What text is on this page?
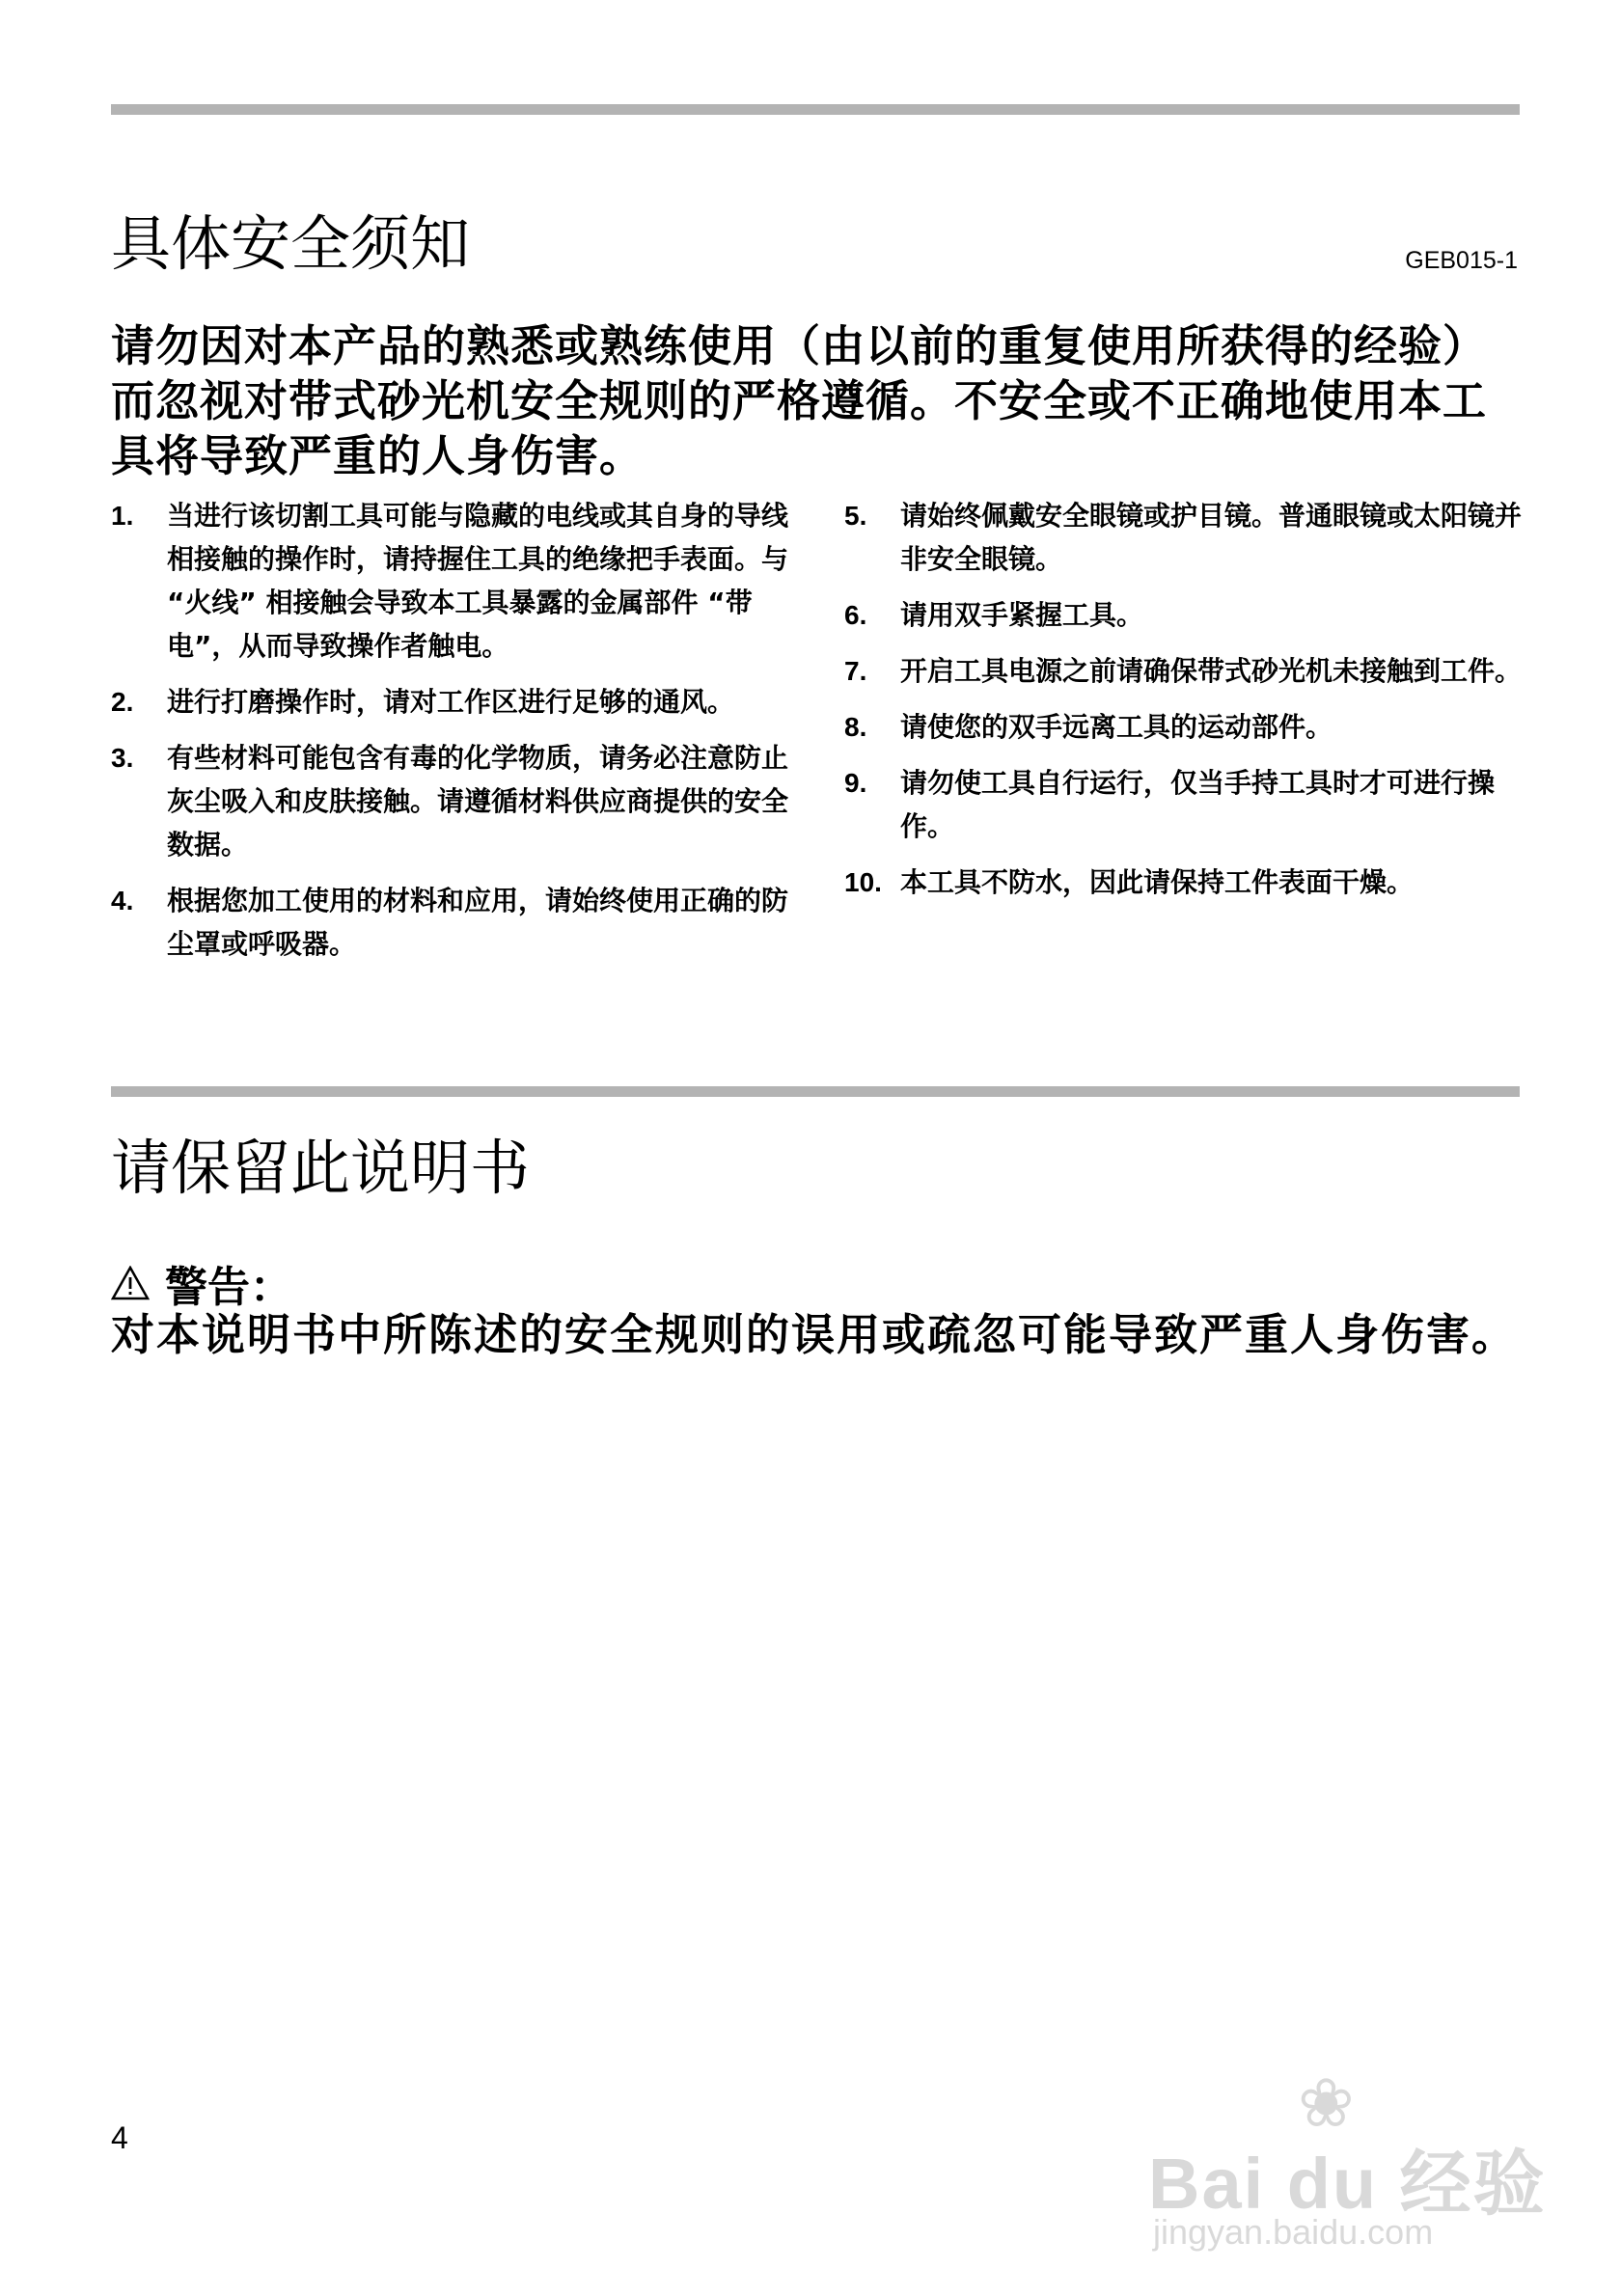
具体安全须知	GEB015-1
请勿因对本产品的熟悉或熟练使用（由以前的重复使用所获得的经验）而忽视对带式砂光机安全规则的严格遵循。不安全或不正确地使用本工具将导致严重的人身伤害。
1.	当进行该切割工具可能与隐藏的电线或其自身的导线相接触的操作时，请持握住工具的绝缘把手表面。与 “火线” 相接触会导致本工具暴露的金属部件 “带电”，从而导致操作者触电。
2.	进行打磨操作时，请对工作区进行足够的通风。
3.	有些材料可能包含有毒的化学物质，请务必注意防止灰尘吸入和皮肤接触。请遵循材料供应商提供的安全数据。
4.	根据您加工使用的材料和应用，请始终使用正确的防尘罩或呼吸器。
5.	请始终佩戴安全眼镜或护目镜。普通眼镜或太阳镜并非安全眼镜。
6.	请用双手紧握工具。
7.	开启工具电源之前请确保带式砂光机未接触到工件。
8.	请使您的双手远离工具的运动部件。
9.	请勿使工具自行运行，仅当手持工具时才可进行操作。
10. 本工具不防水，因此请保持工件表面干燥。
请保留此说明书
警告：
对本说明书中所陈述的安全规则的误用或疏忽可能导致严重人身伤害。
4	❀
Bai du 经验
jingyan.baidu.com
